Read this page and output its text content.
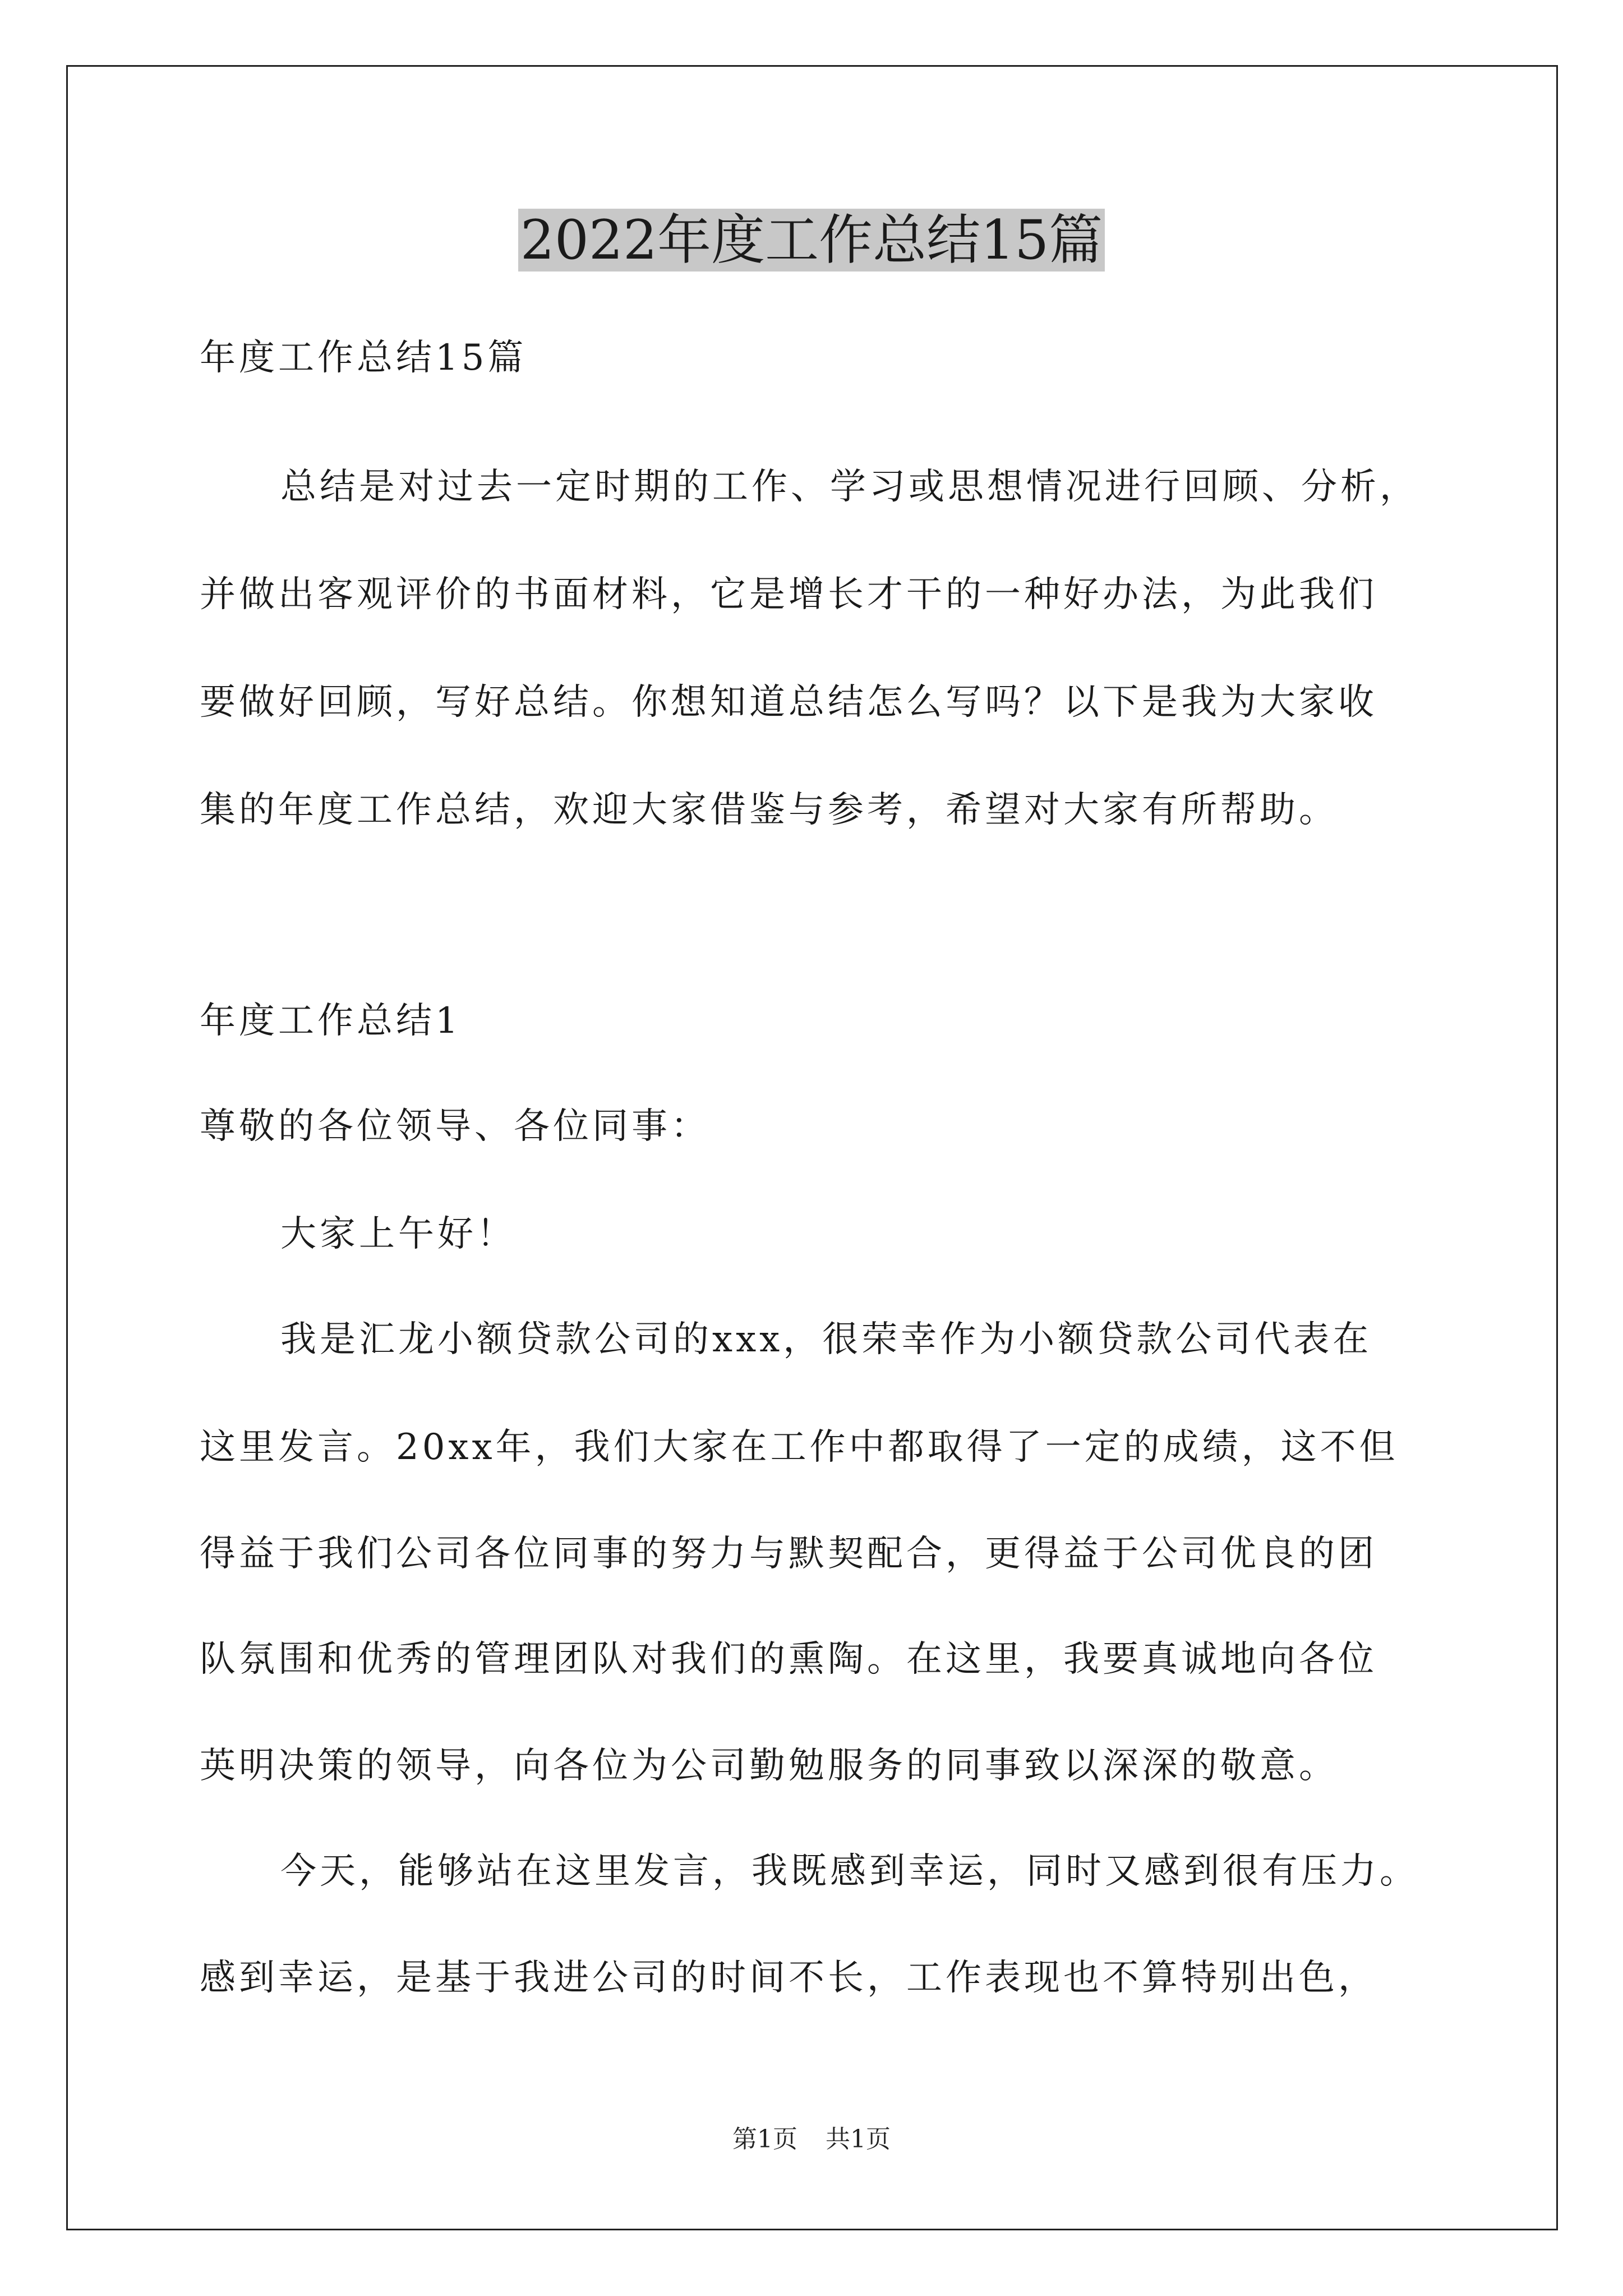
2022年度工作总结15篇
年度工作总结15篇
总结是对过去一定时期的工作、学习或思想情况进行回顾、分析，
并做出客观评价的书面材料，它是增长才干的一种好办法，为此我们
要做好回顾，写好总结。你想知道总结怎么写吗？以下是我为大家收
集的年度工作总结，欢迎大家借鉴与参考，希望对大家有所帮助。
年度工作总结1
尊敬的各位领导、各位同事：
大家上午好！
我是汇龙小额贷款公司的xxx，很荣幸作为小额贷款公司代表在
这里发言。20xx年，我们大家在工作中都取得了一定的成绩，这不但
得益于我们公司各位同事的努力与默契配合，更得益于公司优良的团
队氛围和优秀的管理团队对我们的熏陶。在这里，我要真诚地向各位
英明决策的领导，向各位为公司勤勉服务的同事致以深深的敬意。
今天，能够站在这里发言，我既感到幸运，同时又感到很有压力。
感到幸运，是基于我进公司的时间不长，工作表现也不算特别出色，
第1页 共1页
